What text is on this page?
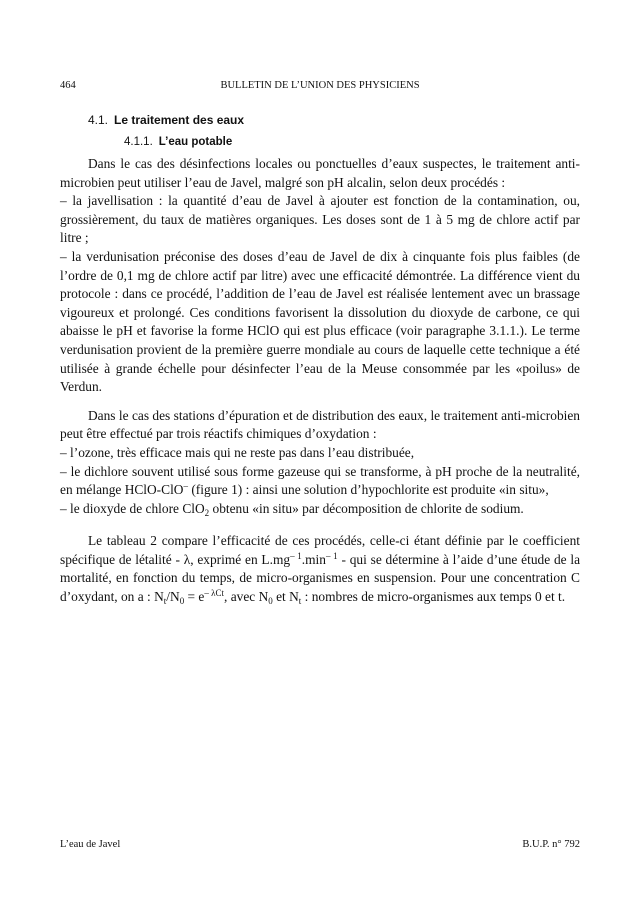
464	BULLETIN DE L’UNION DES PHYSICIENS
4.1. Le traitement des eaux
4.1.1. L’eau potable

Dans le cas des désinfections locales ou ponctuelles d’eaux suspectes, le traitement anti-microbien peut utiliser l’eau de Javel, malgré son pH alcalin, selon deux procédés :

– la javellisation : la quantité d’eau de Javel à ajouter est fonction de la contamination, ou, grossièrement, du taux de matières organiques. Les doses sont de 1 à 5 mg de chlore actif par litre ;

– la verdunisation préconise des doses d’eau de Javel de dix à cinquante fois plus faibles (de l’ordre de 0,1 mg de chlore actif par litre) avec une efficacité démontrée. La différence vient du protocole : dans ce procédé, l’addition de l’eau de Javel est réalisée lentement avec un brassage vigoureux et prolongé. Ces conditions favorisent la dissolution du dioxyde de carbone, ce qui abaisse le pH et favorise la forme HClO qui est plus efficace (voir paragraphe 3.1.1.). Le terme verdunisation provient de la première guerre mondiale au cours de laquelle cette technique a été utilisée à grande échelle pour désinfecter l’eau de la Meuse consommée par les «poilus» de Verdun.

Dans le cas des stations d’épuration et de distribution des eaux, le traitement anti-microbien peut être effectué par trois réactifs chimiques d’oxydation :

– l’ozone, très efficace mais qui ne reste pas dans l’eau distribuée,

– le dichlore souvent utilisé sous forme gazeuse qui se transforme, à pH proche de la neutralité, en mélange HClO-ClO– (figure 1) : ainsi une solution d’hypochlorite est produite «in situ»,

– le dioxyde de chlore ClO$_2$ obtenu «in situ» par décomposition de chlorite de sodium.

Le tableau 2 compare l’efficacité de ces procédés, celle-ci étant définie par le coefficient spécifique de létalité - λ, exprimé en $L.mg^{- 1}.\min^{- 1}$ - qui se détermine à l’aide d’une étude de la mortalité, en fonction du temps, de micro-organismes en suspension. Pour une concentration C d’oxydant, on a : $N_t/N_0 = e^{- \lambda Ct}$, avec $N_0$ et $N_t$ : nombres de micro-organismes aux temps 0 et t.

L’eau de Javel	B.U.P. n° 792
